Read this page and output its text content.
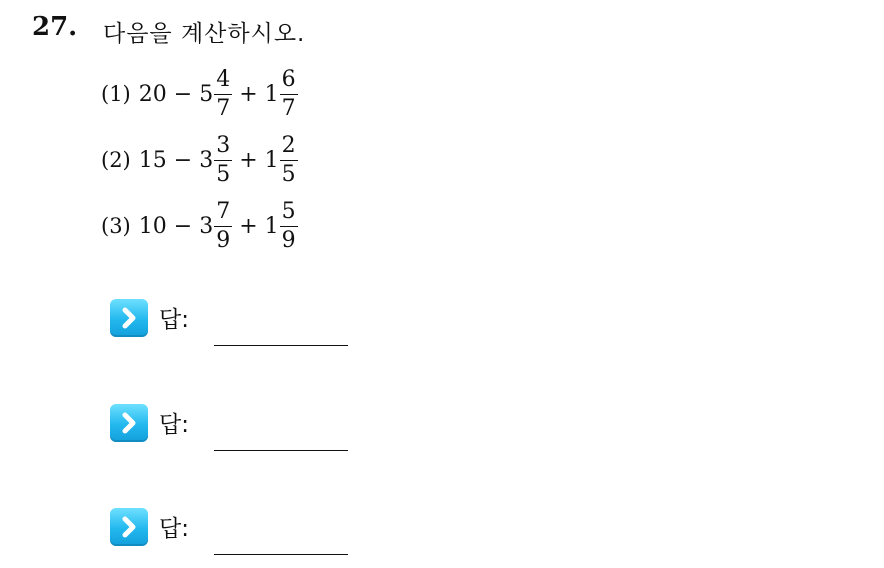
27. 다음을 계산하시오.
(1) $20 - 5 \frac{4}{7} + 1 \frac{6}{7}$
(2) $15 - 3 \frac{3}{5} + 1 \frac{2}{5}$
(3) $10 - 3 \frac{7}{9} + 1 \frac{5}{9}$
답:
답:
답:
